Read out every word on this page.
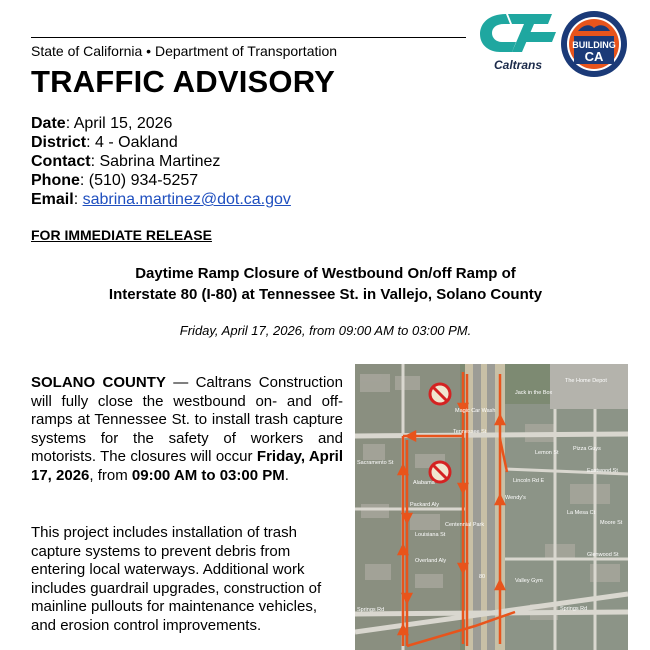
State of California • Department of Transportation
TRAFFIC ADVISORY	Caltrans
BUILDING
CA
Date: April 15, 2026
District: 4 - Oakland
Contact: Sabrina Martinez
Phone: (510) 934-5257
Email: sabrina.martinez@dot.ca.gov
FOR IMMEDIATE RELEASE
Daytime Ramp Closure of Westbound On/off Ramp of
Interstate 80 (I-80) at Tennessee St. in Vallejo, Solano County
Friday, April 17, 2026, from 09:00 AM to 03:00 PM.
SOLANO COUNTY — Caltrans Construction will fully close the westbound on- and off-ramps at Tennessee St. to install trash capture systems for the safety of workers and motorists. The closures will occur Friday, April 17, 2026, from 09:00 AM to 03:00 PM.
This project includes installation of trash capture systems to prevent debris from entering local waterways. Additional work includes guardrail upgrades, construction of mainline pullouts for maintenance vehicles, and erosion control improvements.
Tennessee St
Alabama
Packard Aly
Louisiana St
Overland Aly
Springs Rd
Lincoln Rd E
Eastwood St
Glenwood St
Lemon St
Sacramento St
Springs Rd
Moore St
La Mesa Ct
The Home Depot
Jack in the Box
Pizza Guys
Magic Car Wash
Wendy's
Centennial Park
Valley Gym
80
